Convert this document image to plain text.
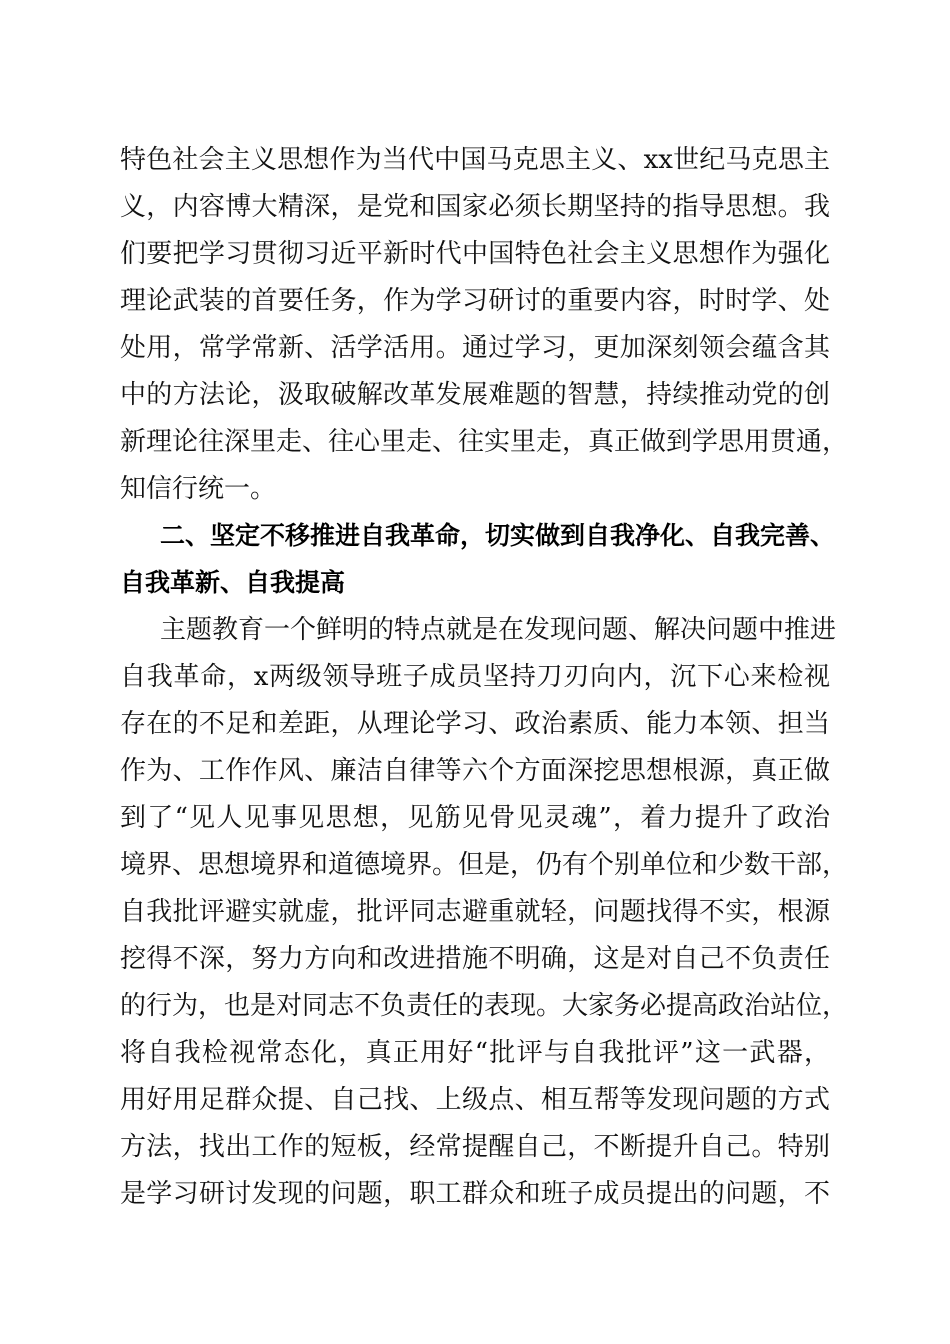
特色社会主义思想作为当代中国马克思主义、xx世纪马克思主
义，内容博大精深，是党和国家必须长期坚持的指导思想。我
们要把学习贯彻习近平新时代中国特色社会主义思想作为强化
理论武装的首要任务，作为学习研讨的重要内容，时时学、处
处用，常学常新、活学活用。通过学习，更加深刻领会蕴含其
中的方法论，汲取破解改革发展难题的智慧，持续推动党的创
新理论往深里走、往心里走、往实里走，真正做到学思用贯通，
知信行统一。
二、坚定不移推进自我革命，切实做到自我净化、自我完善、
自我革新、自我提高
主题教育一个鲜明的特点就是在发现问题、解决问题中推进
自我革命，x两级领导班子成员坚持刀刃向内，沉下心来检视
存在的不足和差距，从理论学习、政治素质、能力本领、担当
作为、工作作风、廉洁自律等六个方面深挖思想根源，真正做
到了“见人见事见思想，见筋见骨见灵魂”，着力提升了政治
境界、思想境界和道德境界。但是，仍有个别单位和少数干部，
自我批评避实就虚，批评同志避重就轻，问题找得不实，根源
挖得不深，努力方向和改进措施不明确，这是对自己不负责任
的行为，也是对同志不负责任的表现。大家务必提高政治站位，
将自我检视常态化，真正用好“批评与自我批评”这一武器，
用好用足群众提、自己找、上级点、相互帮等发现问题的方式
方法，找出工作的短板，经常提醒自己，不断提升自己。特别
是学习研讨发现的问题，职工群众和班子成员提出的问题，不
